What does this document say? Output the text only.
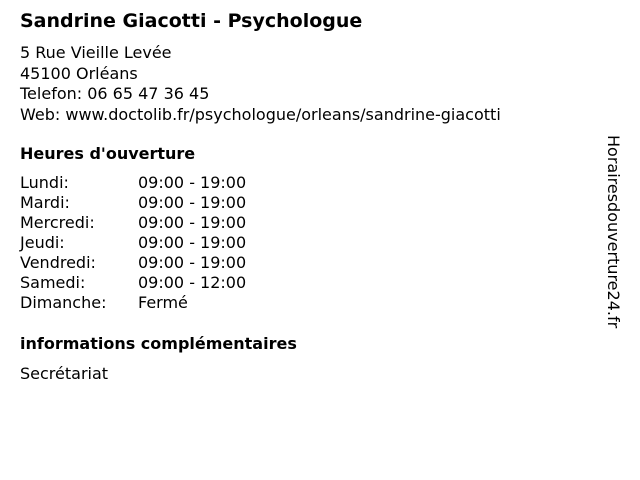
Sandrine Giacotti - Psychologue
5 Rue Vieille Levée
45100 Orléans
Telefon: 06 65 47 36 45
Web: www.doctolib.fr/psychologue/orleans/sandrine-giacotti
Heures d'ouverture
Lundi:	09:00 - 19:00
Mardi:	09:00 - 19:00
Mercredi:	09:00 - 19:00
Jeudi:	09:00 - 19:00
Vendredi:	09:00 - 19:00
Samedi:	09:00 - 12:00
Dimanche:	Fermé
informations complémentaires
Secrétariat
Horairesdouverture24.fr
